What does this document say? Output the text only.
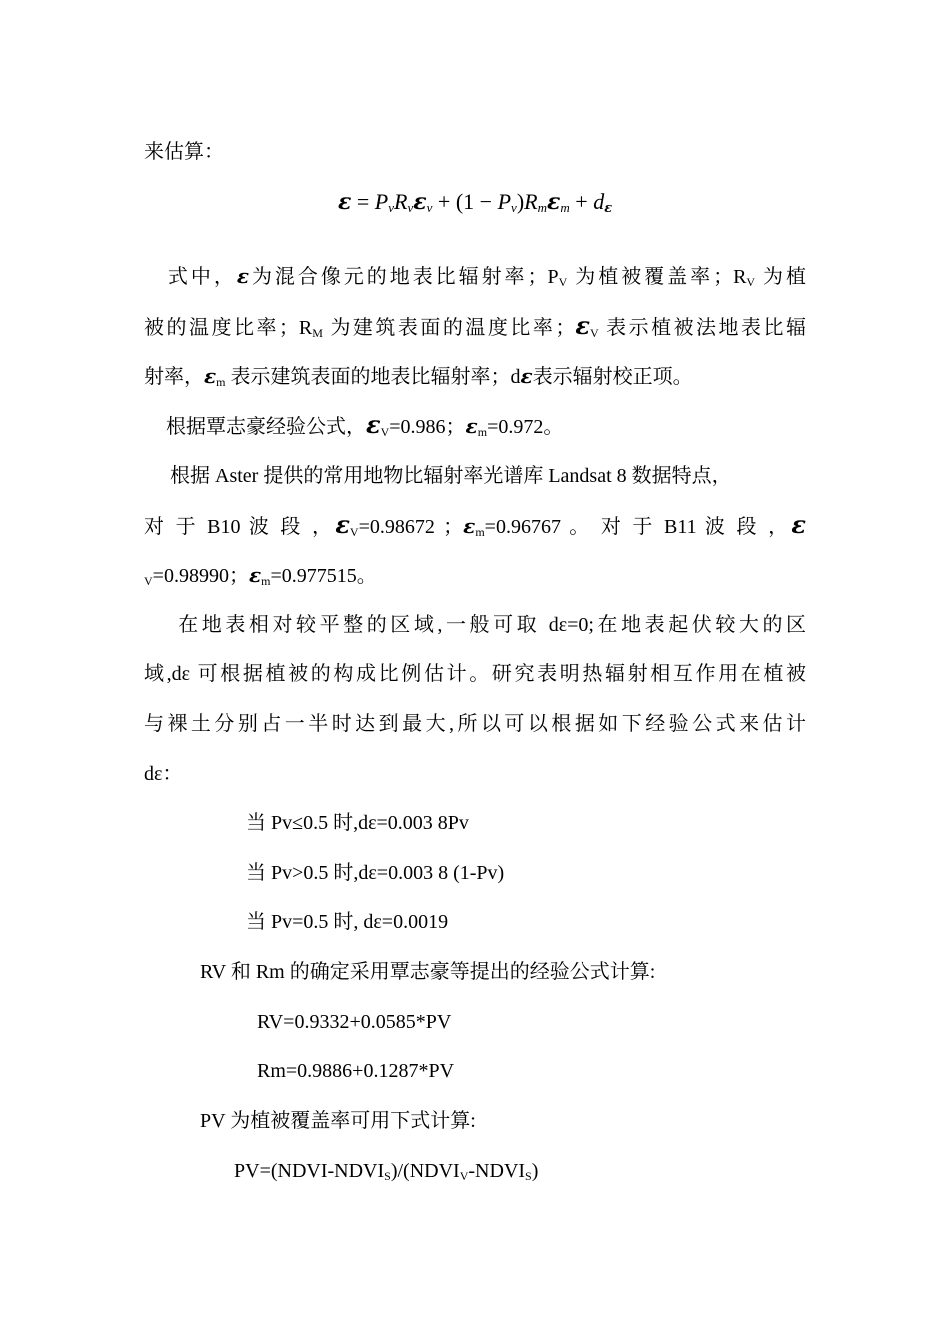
来估算：
$\varepsilon = P_vR_v\varepsilon_v + (1 - P_v)R_m\varepsilon_m + d_\varepsilon$
式中，ε为混合像元的地表比辐射率；$P_V$ 为植被覆盖率；$R_V$ 为植
被的温度比率；$R_M$ 为建筑表面的温度比率；$\varepsilon_V$ 表示植被法地表比辐
射率，$\varepsilon_m$ 表示建筑表面的地表比辐射率；dε表示辐射校正项。
根据覃志豪经验公式，$\varepsilon_V=0.986$；$\varepsilon_m=0.972$。
根据 Aster 提供的常用地物比辐射率光谱库 Landsat 8 数据特点，
对 于 B10 波 段 ，$\varepsilon_V=0.98672$ ；$\varepsilon_m=0.96767$ 。 对 于 B11 波 段 ，ε
$_V$=0.98990；$\varepsilon_m=0.977515$。
在地表相对较平整的区域,一般可取 dε=0;在地表起伏较大的区
域,dε 可根据植被的构成比例估计。研究表明热辐射相互作用在植被
与裸土分别占一半时达到最大,所以可以根据如下经验公式来估计
dε：
当 Pv≤0.5 时,dε=0.003 8Pv
当 Pv>0.5 时,dε=0.003 8 (1-Pv)
当 Pv=0.5 时, dε=0.0019
RV 和 Rm 的确定采用覃志豪等提出的经验公式计算:
RV=0.9332+0.0585*PV
Rm=0.9886+0.1287*PV
PV 为植被覆盖率可用下式计算:
$PV=(NDVI-NDVI_S)/(NDVI_V-NDVI_S)$
